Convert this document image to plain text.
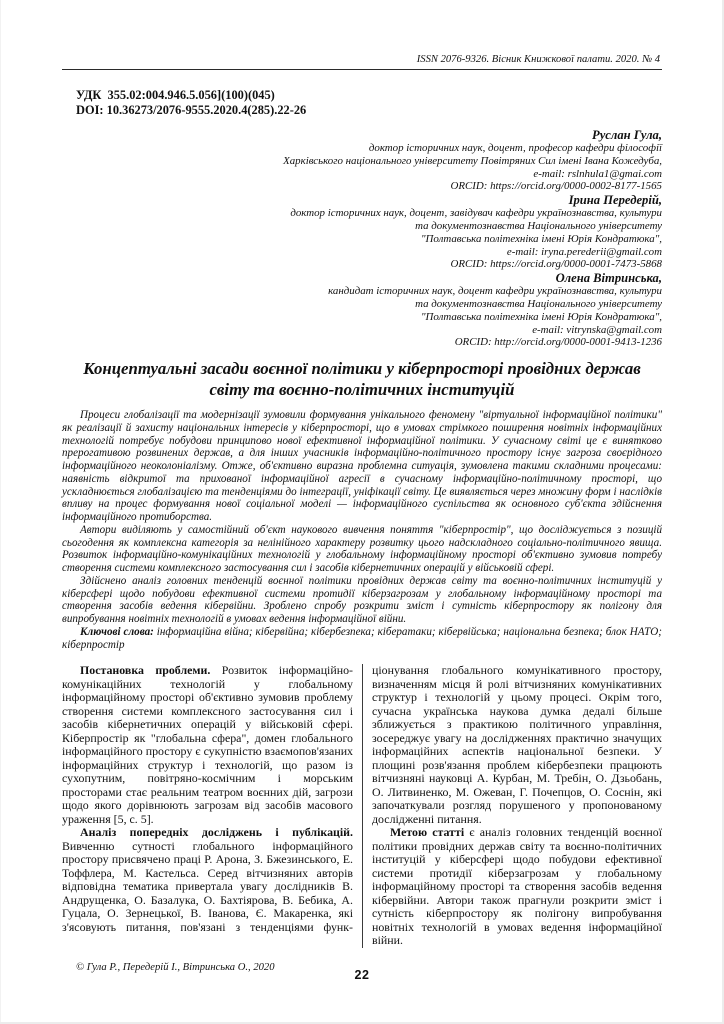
ISSN 2076-9326. Вісник Книжкової палати. 2020. № 4
УДК  355.02:004.946.5.056](100)(045)
DOI: 10.36273/2076-9555.2020.4(285).22-26
Руслан Гула,
доктор історичних наук, доцент, професор кафедри філософії
Харківського національного університету Повітряних Сил імені Івана Кожедуба,
e-mail: rslnhula1@gmai.com
ORCID: https://orcid.org/0000-0002-8177-1565
Ірина Передерій,
доктор історичних наук, доцент, завідувач кафедри українознавства, культури
та документознавства Національного університету
"Полтавська політехніка імені Юрія Кондратюка",
e-mail: iryna.perederii@gmail.com
ORCID: https://orcid.org/0000-0001-7473-5868
Олена Вітринська,
кандидат історичних наук, доцент кафедри українознавства, культури
та документознавства Національного університету
"Полтавська політехніка імені Юрія Кондратюка",
e-mail: vitrynska@gmail.com
ORCID: http://orcid.org/0000-0001-9413-1236
Концептуальні засади воєнної політики у кіберпросторі провідних держав світу та воєнно-політичних інституцій

Процеси глобалізації та модернізації зумовили формування унікального феномену "віртуальної інформаційної політики" як реалізації й захисту національних інтересів у кіберпросторі, що в умовах стрімкого поширення новітніх інформаційних технологій потребує побудови принципово нової ефективної інформаційної політики. У сучасному світі це є винятково прерогативою розвинених держав, а для інших учасників інформаційно-політичного простору існує загроза своєрідного інформаційного неоколоніалізму. Отже, об'єктивно виразна проблемна ситуація, зумовлена такими складними процесами: наявність відкритої та прихованої інформаційної агресії в сучасному інформаційно-політичному просторі, що ускладнюється глобалізацією та тенденціями до інтеграції, уніфікації світу. Це виявляється через множину форм і наслідків впливу на процес формування нової соціальної моделі — інформаційного суспільства як основного суб'єкта здійснення інформаційного протиборства.

Автори виділяють у самостійний об'єкт наукового вивчення поняття "кіберпростір", що досліджується з позицій сьогодення як комплексна категорія за нелінійного характеру розвитку цього надскладного соціально-політичного явища. Розвиток інформаційно-комунікаційних технологій у глобальному інформаційному просторі об'єктивно зумовив потребу створення системи комплексного застосування сил і засобів кібернетичних операцій у військовій сфері.

Здійснено аналіз головних тенденцій воєнної політики провідних держав світу та воєнно-політичних інституцій у кіберсфері щодо побудови ефективної системи протидії кіберзагрозам у глобальному інформаційному просторі та створення засобів ведення кібервійни. Зроблено спробу розкрити зміст і сутність кіберпростору як полігону для випробування новітніх технологій в умовах ведення інформаційної війни.

Ключові слова: інформаційна війна; кібервійна; кібербезпека; кібератаки; кібервійська; національна безпека; блок НАТО; кіберпростір

Постановка проблеми. Розвиток інформаційно-комунікаційних технологій у глобальному інформаційному просторі об'єктивно зумовив проблему створення системи комплексного застосування сил і засобів кібернетичних операцій у військовій сфері. Кіберпростір як "глобальна сфера", домен глобального інформаційного простору є сукупністю взаємопов'язаних інформаційних структур і технологій, що разом із сухопутним, повітряно-космічним і морським просторами стає реальним театром воєнних дій, загрози щодо якого дорівнюють загрозам від засобів масового ураження [5, с. 5].

Аналіз попередніх досліджень і публікацій. Вивченню сутності глобального інформаційного простору присвячено праці Р. Арона, З. Бжезинського, Е. Тоффлера, М. Кастельса. Серед вітчизняних авторів відповідна тематика привертала увагу дослідників В. Андрущенка, О. Базалука, О. Бахтіярова, В. Бебика, А. Гуцала, О. Зернецької, В. Іванова, Є. Макаренка, які з'ясовують питання, пов'язані з тенденціями функ-

ціонування глобального комунікативного простору, визначенням місця й ролі вітчизняних комунікативних структур і технологій у цьому процесі. Окрім того, сучасна українська наукова думка дедалі більше зближується з практикою політичного управління, зосереджує увагу на дослідженнях практично значущих інформаційних аспектів національної безпеки. У площині розв'язання проблем кібербезпеки працюють вітчизняні науковці А. Курбан, М. Требін, О. Дзьобань, О. Литвиненко, М. Ожеван, Г. Почепцов, О. Соснін, які започаткували розгляд порушеного у пропонованому дослідженні питання.

Метою статті є аналіз головних тенденцій воєнної політики провідних держав світу та воєнно-політичних інституцій у кіберсфері щодо побудови ефективної системи протидії кіберзагрозам у глобальному інформаційному просторі та створення засобів ведення кібервійни. Автори також прагнули розкрити зміст і сутність кіберпростору як полігону випробування новітніх технологій в умовах ведення інформаційної війни.

© Гула Р., Передерій І., Вітринська О., 2020
22
